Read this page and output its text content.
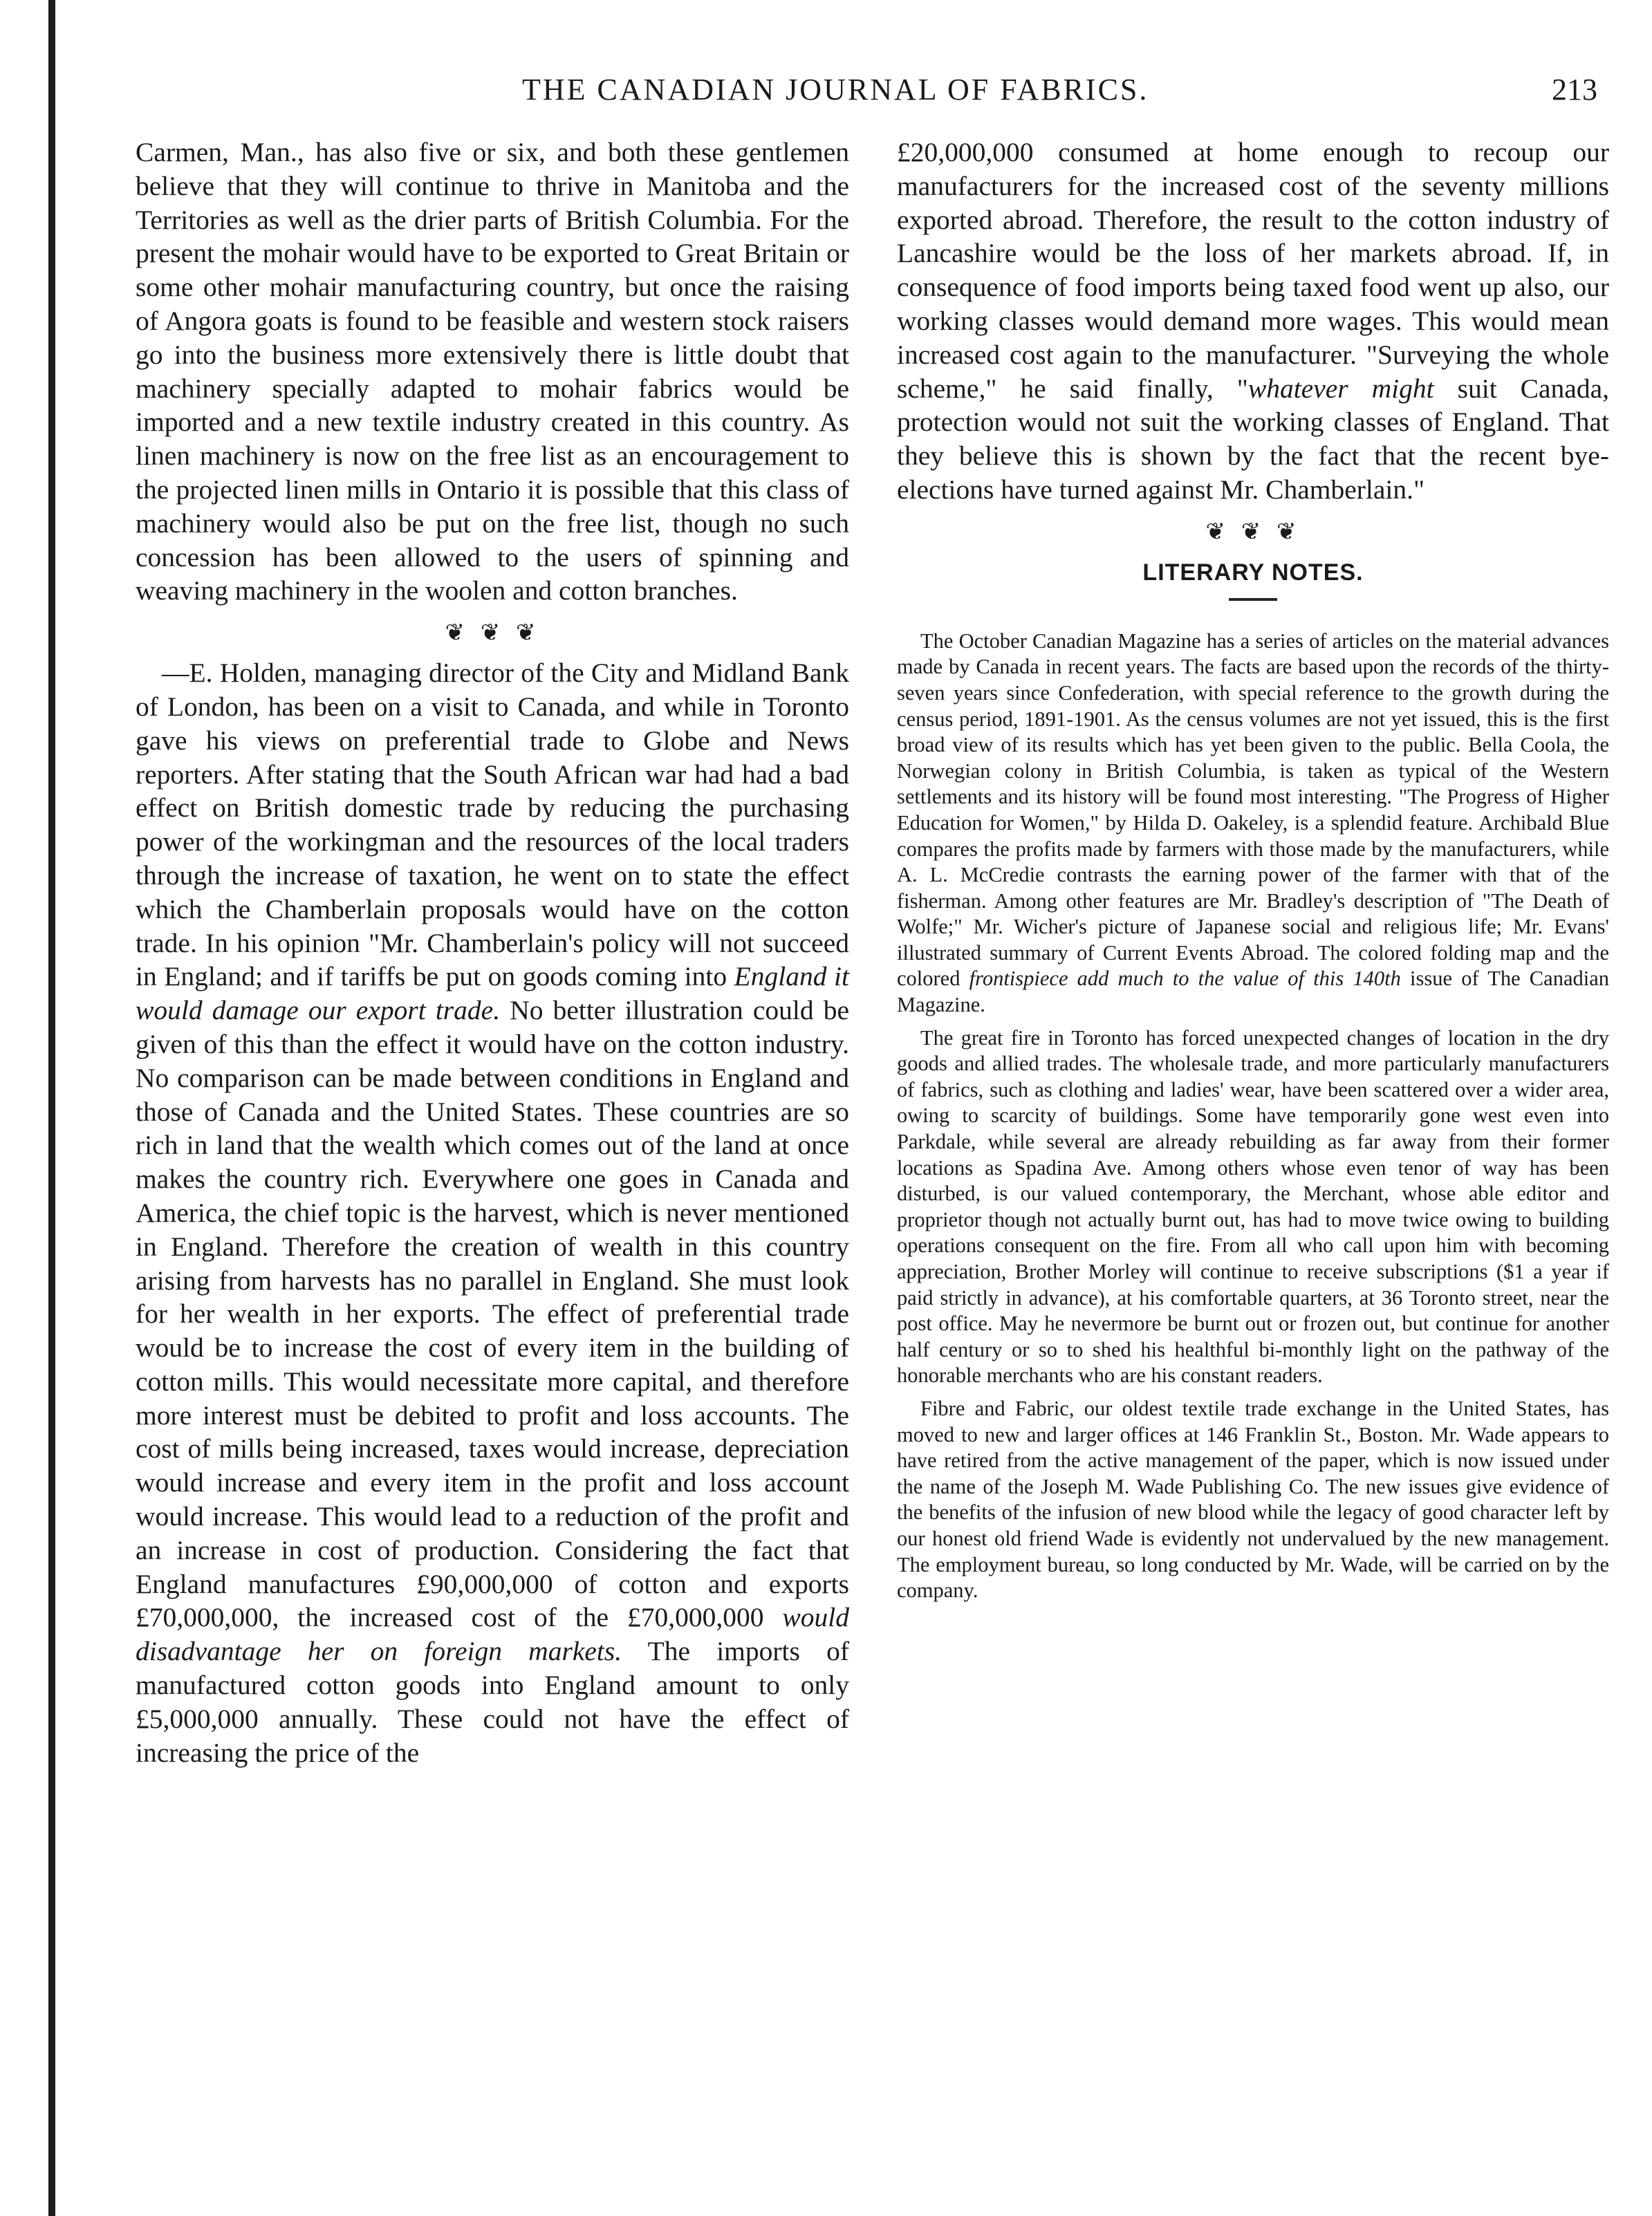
THE CANADIAN JOURNAL OF FABRICS.	213

Carmen, Man., has also five or six, and both these gentlemen believe that they will continue to thrive in Manitoba and the Territories as well as the drier parts of British Columbia. For the present the mohair would have to be exported to Great Britain or some other mohair manufacturing country, but once the raising of Angora goats is found to be feasible and western stock raisers go into the business more extensively there is little doubt that machinery specially adapted to mohair fabrics would be imported and a new textile industry created in this country. As linen machinery is now on the free list as an encouragement to the projected linen mills in Ontario it is possible that this class of machinery would also be put on the free list, though no such concession has been allowed to the users of spinning and weaving machinery in the woolen and cotton branches.

❦ ❦ ❦

—E. Holden, managing director of the City and Midland Bank of London, has been on a visit to Canada, and while in Toronto gave his views on preferential trade to Globe and News reporters. After stating that the South African war had had a bad effect on British domestic trade by reducing the purchasing power of the workingman and the resources of the local traders through the increase of taxation, he went on to state the effect which the Chamberlain proposals would have on the cotton trade. In his opinion "Mr. Chamberlain's policy will not succeed in England; and if tariffs be put on goods coming into England it would damage our export trade. No better illustration could be given of this than the effect it would have on the cotton industry. No comparison can be made between conditions in England and those of Canada and the United States. These countries are so rich in land that the wealth which comes out of the land at once makes the country rich. Everywhere one goes in Canada and America, the chief topic is the harvest, which is never mentioned in England. Therefore the creation of wealth in this country arising from harvests has no parallel in England. She must look for her wealth in her exports. The effect of preferential trade would be to increase the cost of every item in the building of cotton mills. This would necessitate more capital, and therefore more interest must be debited to profit and loss accounts. The cost of mills being increased, taxes would increase, depreciation would increase and every item in the profit and loss account would increase. This would lead to a reduction of the profit and an increase in cost of production. Considering the fact that England manufactures £90,000,000 of cotton and exports £70,000,000, the increased cost of the £70,000,000 would disadvantage her on foreign markets. The imports of manufactured cotton goods into England amount to only £5,000,000 annually. These could not have the effect of increasing the price of the

£20,000,000 consumed at home enough to recoup our manufacturers for the increased cost of the seventy millions exported abroad. Therefore, the result to the cotton industry of Lancashire would be the loss of her markets abroad. If, in consequence of food imports being taxed food went up also, our working classes would demand more wages. This would mean increased cost again to the manufacturer. "Surveying the whole scheme," he said finally, "whatever might suit Canada, protection would not suit the working classes of England. That they believe this is shown by the fact that the recent bye-elections have turned against Mr. Chamberlain."

❦ ❦ ❦
LITERARY NOTES.

The October Canadian Magazine has a series of articles on the material advances made by Canada in recent years. The facts are based upon the records of the thirty-seven years since Confederation, with special reference to the growth during the census period, 1891-1901. As the census volumes are not yet issued, this is the first broad view of its results which has yet been given to the public. Bella Coola, the Norwegian colony in British Columbia, is taken as typical of the Western settlements and its history will be found most interesting. "The Progress of Higher Education for Women," by Hilda D. Oakeley, is a splendid feature. Archibald Blue compares the profits made by farmers with those made by the manufacturers, while A. L. McCredie contrasts the earning power of the farmer with that of the fisherman. Among other features are Mr. Bradley's description of "The Death of Wolfe;" Mr. Wicher's picture of Japanese social and religious life; Mr. Evans' illustrated summary of Current Events Abroad. The colored folding map and the colored frontispiece add much to the value of this 140th issue of The Canadian Magazine.

The great fire in Toronto has forced unexpected changes of location in the dry goods and allied trades. The wholesale trade, and more particularly manufacturers of fabrics, such as clothing and ladies' wear, have been scattered over a wider area, owing to scarcity of buildings. Some have temporarily gone west even into Parkdale, while several are already rebuilding as far away from their former locations as Spadina Ave. Among others whose even tenor of way has been disturbed, is our valued contemporary, the Merchant, whose able editor and proprietor though not actually burnt out, has had to move twice owing to building operations consequent on the fire. From all who call upon him with becoming appreciation, Brother Morley will continue to receive subscriptions ($1 a year if paid strictly in advance), at his comfortable quarters, at 36 Toronto street, near the post office. May he nevermore be burnt out or frozen out, but continue for another half century or so to shed his healthful bi-monthly light on the pathway of the honorable merchants who are his constant readers.

Fibre and Fabric, our oldest textile trade exchange in the United States, has moved to new and larger offices at 146 Franklin St., Boston. Mr. Wade appears to have retired from the active management of the paper, which is now issued under the name of the Joseph M. Wade Publishing Co. The new issues give evidence of the benefits of the infusion of new blood while the legacy of good character left by our honest old friend Wade is evidently not undervalued by the new management. The employment bureau, so long conducted by Mr. Wade, will be carried on by the company.
